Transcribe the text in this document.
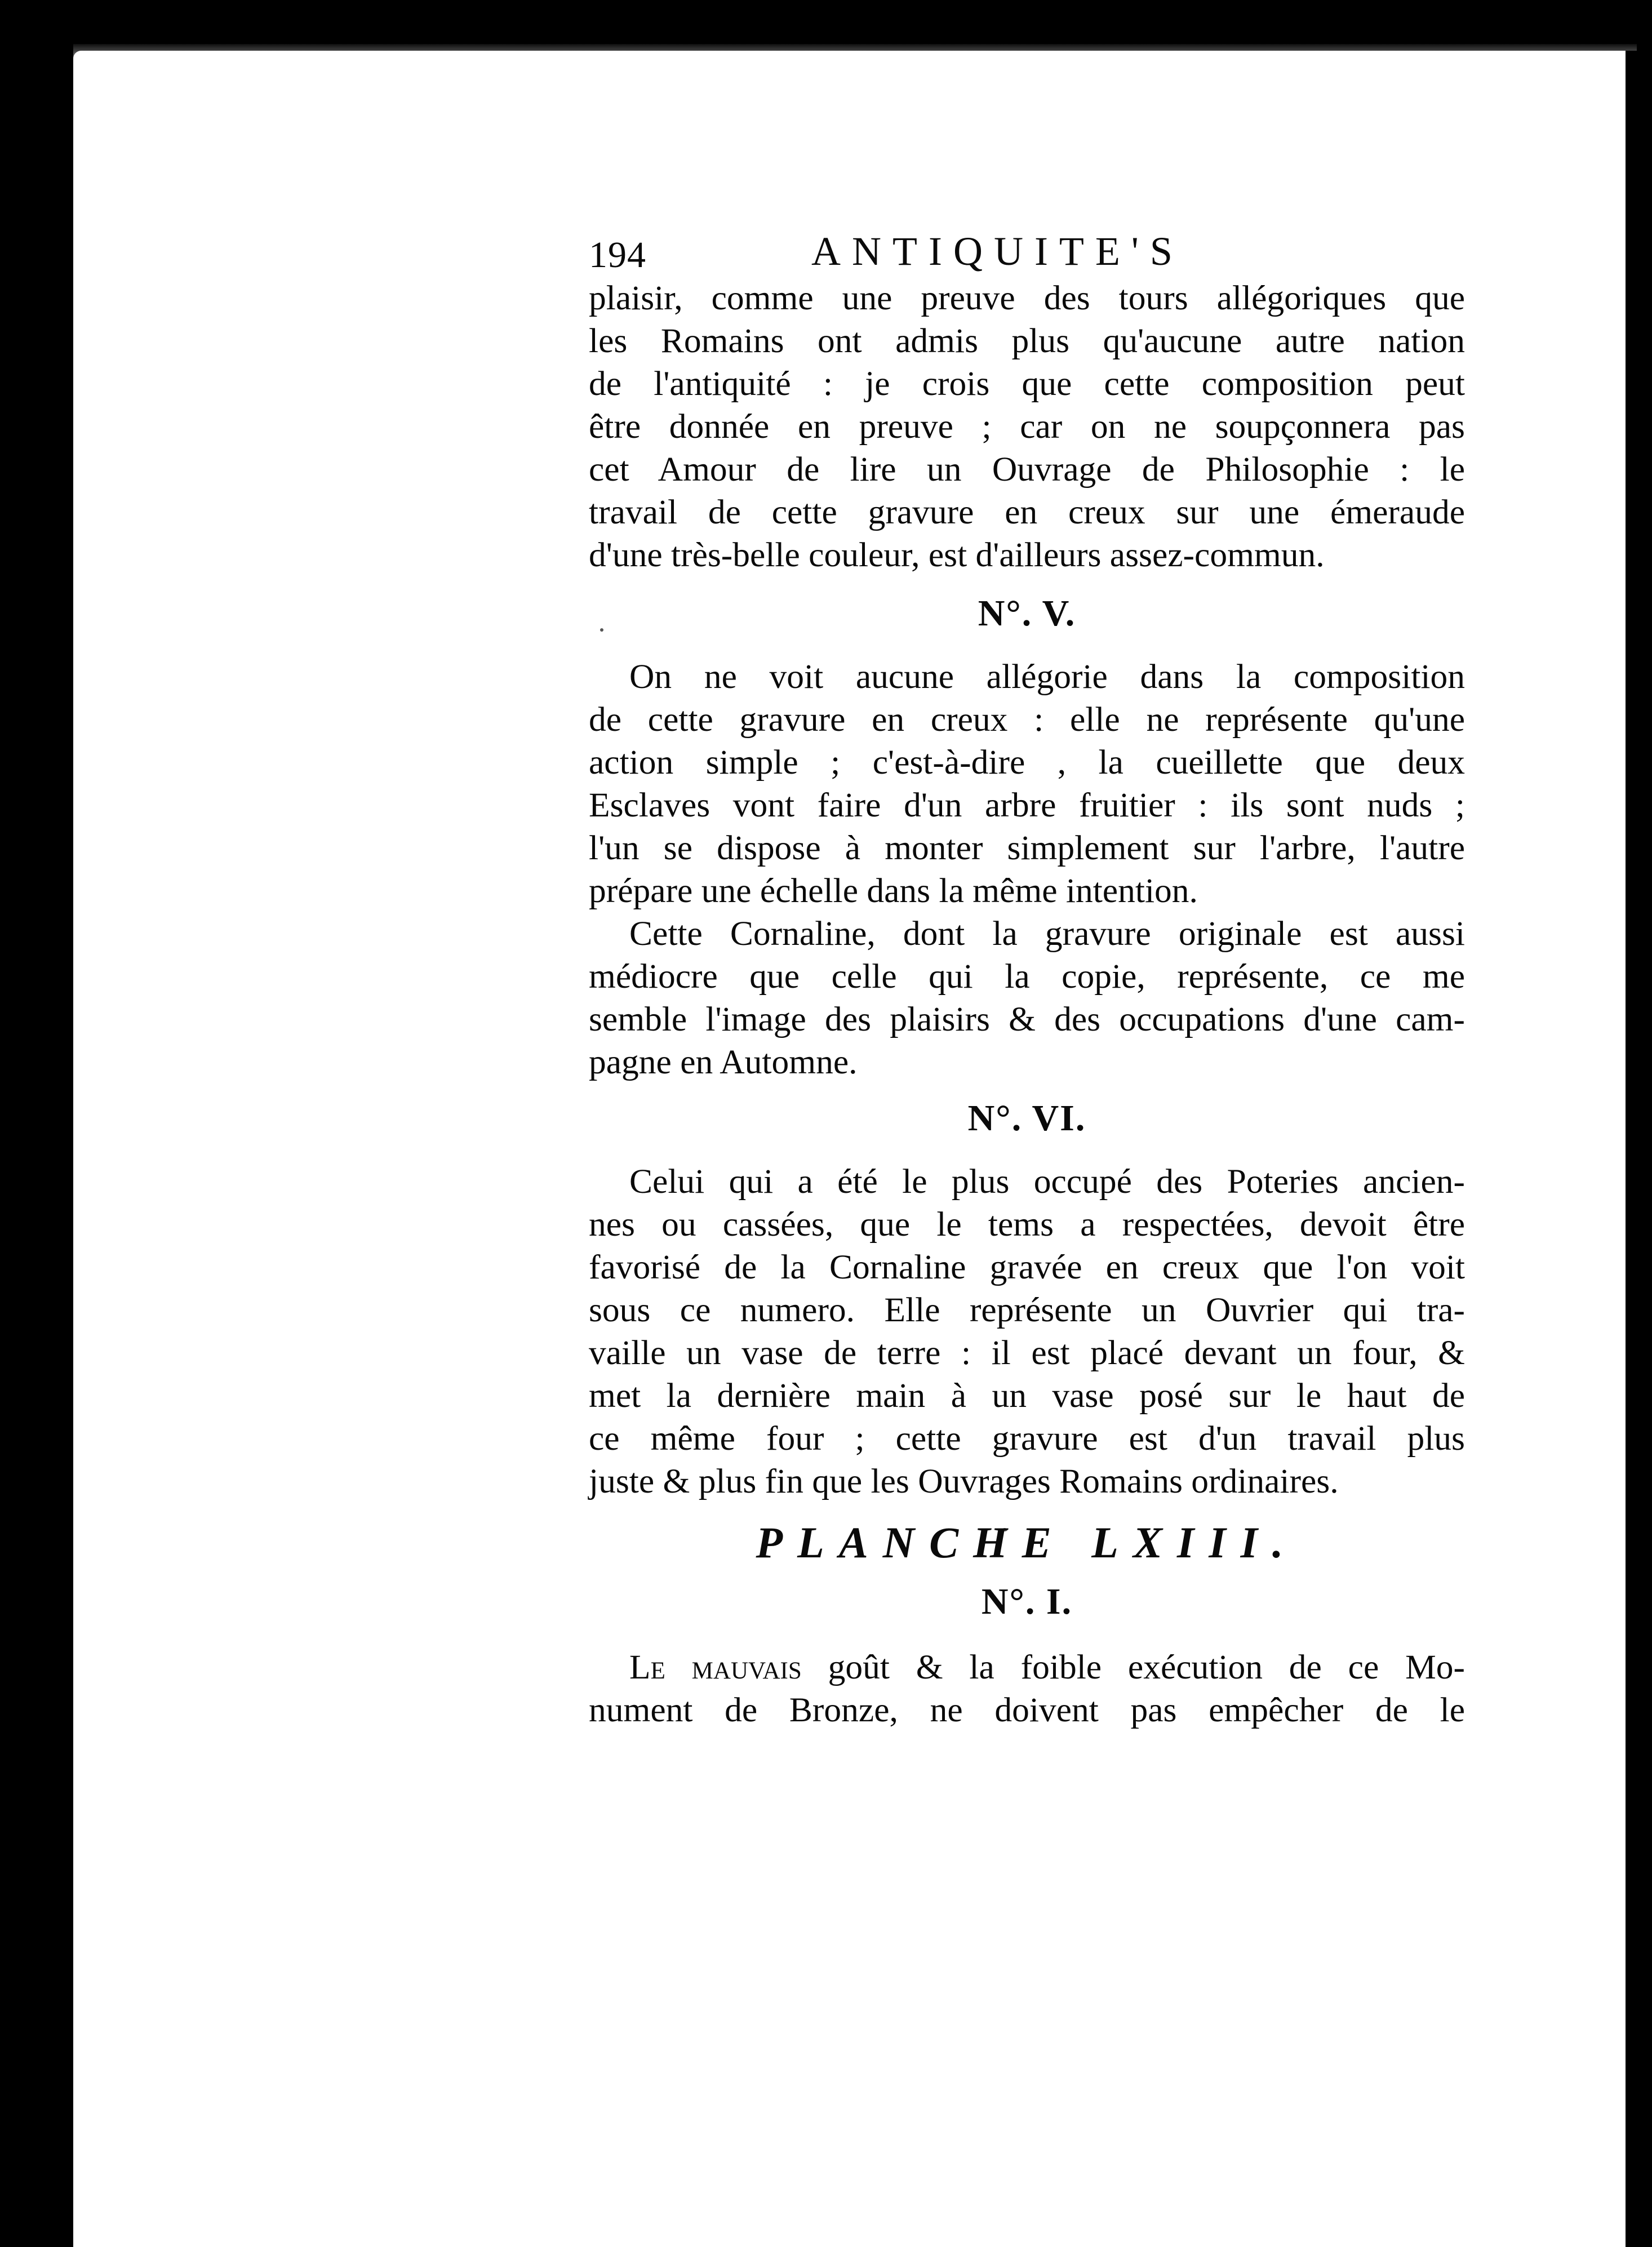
194	ANTIQUITE'S
plaisir, comme une preuve des tours allégoriques que
les Romains ont admis plus qu'aucune autre nation
de l'antiquité : je crois que cette composition peut
être donnée en preuve ; car on ne soupçonnera pas
cet Amour de lire un Ouvrage de Philosophie : le
travail de cette gravure en creux sur une émeraude
d'une très-belle couleur, est d'ailleurs assez-commun.
N°. V.
On ne voit aucune allégorie dans la composition
de cette gravure en creux : elle ne représente qu'une
action simple ; c'est-à-dire , la cueillette que deux
Esclaves vont faire d'un arbre fruitier : ils sont nuds ;
l'un se dispose à monter simplement sur l'arbre, l'autre
prépare une échelle dans la même intention.
Cette Cornaline, dont la gravure originale est aussi
médiocre que celle qui la copie, représente, ce me
semble l'image des plaisirs & des occupations d'une cam-
pagne en Automne.
N°. VI.
Celui qui a été le plus occupé des Poteries ancien-
nes ou cassées, que le tems a respectées, devoit être
favorisé de la Cornaline gravée en creux que l'on voit
sous ce numero. Elle représente un Ouvrier qui tra-
vaille un vase de terre : il est placé devant un four, &
met la dernière main à un vase posé sur le haut de
ce même four ; cette gravure est d'un travail plus
juste & plus fin que les Ouvrages Romains ordinaires.
PLANCHE LXIII.
N°. I.
Le mauvais goût & la foible exécution de ce Mo-
nument de Bronze, ne doivent pas empêcher de le
